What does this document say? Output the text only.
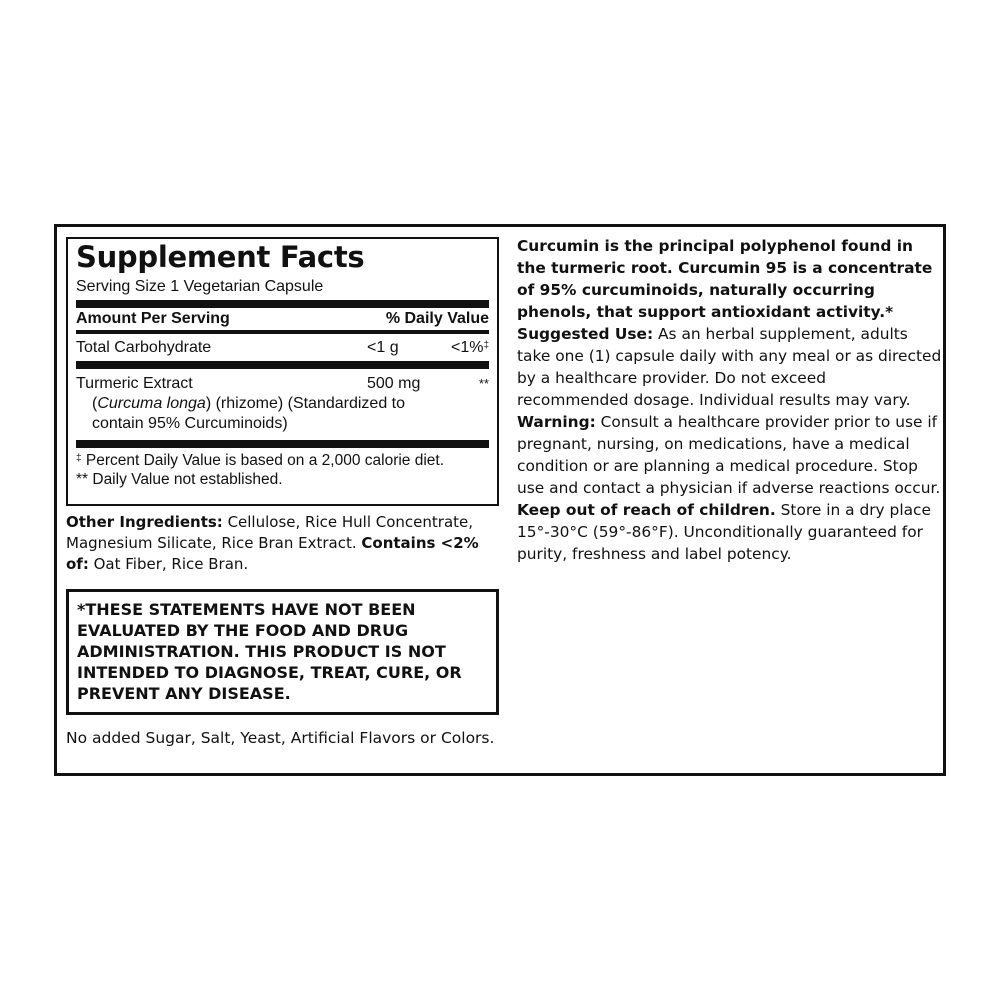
Supplement Facts
Serving Size 1 Vegetarian Capsule
Amount Per Serving	% Daily Value
Total Carbohydrate	<1 g	<1%‡
Turmeric Extract	500 mg	**
(Curcuma longa) (rhizome) (Standardized to
contain 95% Curcuminoids)
‡ Percent Daily Value is based on a 2,000 calorie diet.
** Daily Value not established.
Other Ingredients: Cellulose, Rice Hull Concentrate, Magnesium Silicate, Rice Bran Extract. Contains <2% of: Oat Fiber, Rice Bran.
*THESE STATEMENTS HAVE NOT BEEN EVALUATED BY THE FOOD AND DRUG ADMINISTRATION. THIS PRODUCT IS NOT INTENDED TO DIAGNOSE, TREAT, CURE, OR PREVENT ANY DISEASE.
No added Sugar, Salt, Yeast, Artificial Flavors or Colors.

Curcumin is the principal polyphenol found in the turmeric root. Curcumin 95 is a concentrate of 95% curcuminoids, naturally occurring phenols, that support antioxidant activity.*

Suggested Use: As an herbal supplement, adults take one (1) capsule daily with any meal or as directed by a healthcare provider. Do not exceed recommended dosage. Individual results may vary.

Warning: Consult a healthcare provider prior to use if pregnant, nursing, on medications, have a medical condition or are planning a medical procedure. Stop use and contact a physician if adverse reactions occur.

Keep out of reach of children. Store in a dry place 15°-30°C (59°-86°F). Unconditionally guaranteed for purity, freshness and label potency.
